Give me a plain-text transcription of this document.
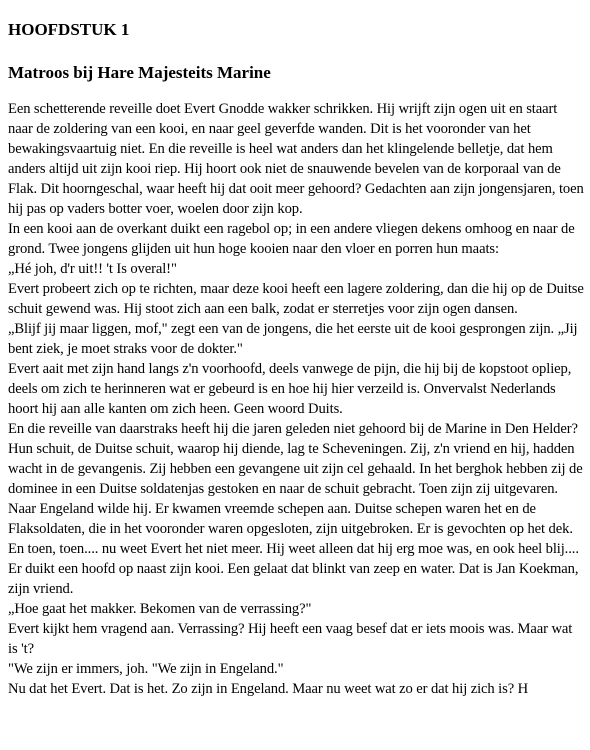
HOOFDSTUK 1
Matroos bij Hare Majesteits Marine

Een schetterende reveille doet Evert Gnodde wakker schrikken. Hij wrijft zijn ogen uit en staart naar de zoldering van een kooi, en naar geel geverfde wanden. Dit is het vooronder van het bewakingsvaartuig niet. En die reveille is heel wat anders dan het klingelende belletje, dat hem anders altijd uit zijn kooi riep. Hij hoort ook niet de snauwende bevelen van de korporaal van de Flak. Dit hoorngeschal, waar heeft hij dat ooit meer gehoord? Gedachten aan zijn jongensjaren, toen hij pas op vaders botter voer, woelen door zijn kop.

In een kooi aan de overkant duikt een ragebol op; in een andere vliegen dekens omhoog en naar de grond. Twee jongens glijden uit hun hoge kooien naar den vloer en porren hun maats:

„Hé joh, d'r uit!! 't Is overal!"

Evert probeert zich op te richten, maar deze kooi heeft een lagere zoldering, dan die hij op de Duitse schuit gewend was. Hij stoot zich aan een balk, zodat er sterretjes voor zijn ogen dansen.

„Blijf jij maar liggen, mof," zegt een van de jongens, die het eerste uit de kooi gesprongen zijn. „Jij bent ziek, je moet straks voor de dokter."

Evert aait met zijn hand langs z'n voorhoofd, deels vanwege de pijn, die hij bij de kopstoot opliep, deels om zich te herinneren wat er gebeurd is en hoe hij hier verzeild is. Onvervalst Nederlands hoort hij aan alle kanten om zich heen. Geen woord Duits.

En die reveille van daarstraks heeft hij die jaren geleden niet gehoord bij de Marine in Den Helder?

Hun schuit, de Duitse schuit, waarop hij diende, lag te Scheveningen. Zij, z'n vriend en hij, hadden wacht in de gevangenis. Zij hebben een gevangene uit zijn cel gehaald. In het berghok hebben zij de dominee in een Duitse soldatenjas gestoken en naar de schuit gebracht. Toen zijn zij uitgevaren. Naar Engeland wilde hij. Er kwamen vreemde schepen aan. Duitse schepen waren het en de Flaksoldaten, die in het vooronder waren opgesloten, zijn uitgebroken. Er is gevochten op het dek. En toen, toen.... nu weet Evert het niet meer. Hij weet alleen dat hij erg moe was, en ook heel blij....

Er duikt een hoofd op naast zijn kooi. Een gelaat dat blinkt van zeep en water. Dat is Jan Koekman, zijn vriend.

„Hoe gaat het makker. Bekomen van de verrassing?"

Evert kijkt hem vragend aan. Verrassing? Hij heeft een vaag besef dat er iets moois was. Maar wat is 't?

"We zijn er immers, joh. "We zijn in Engeland."

Nu dat het Evert. Dat is het. Zo zijn in Engeland. Maar nu weet wat zo er dat hij zich is? H
